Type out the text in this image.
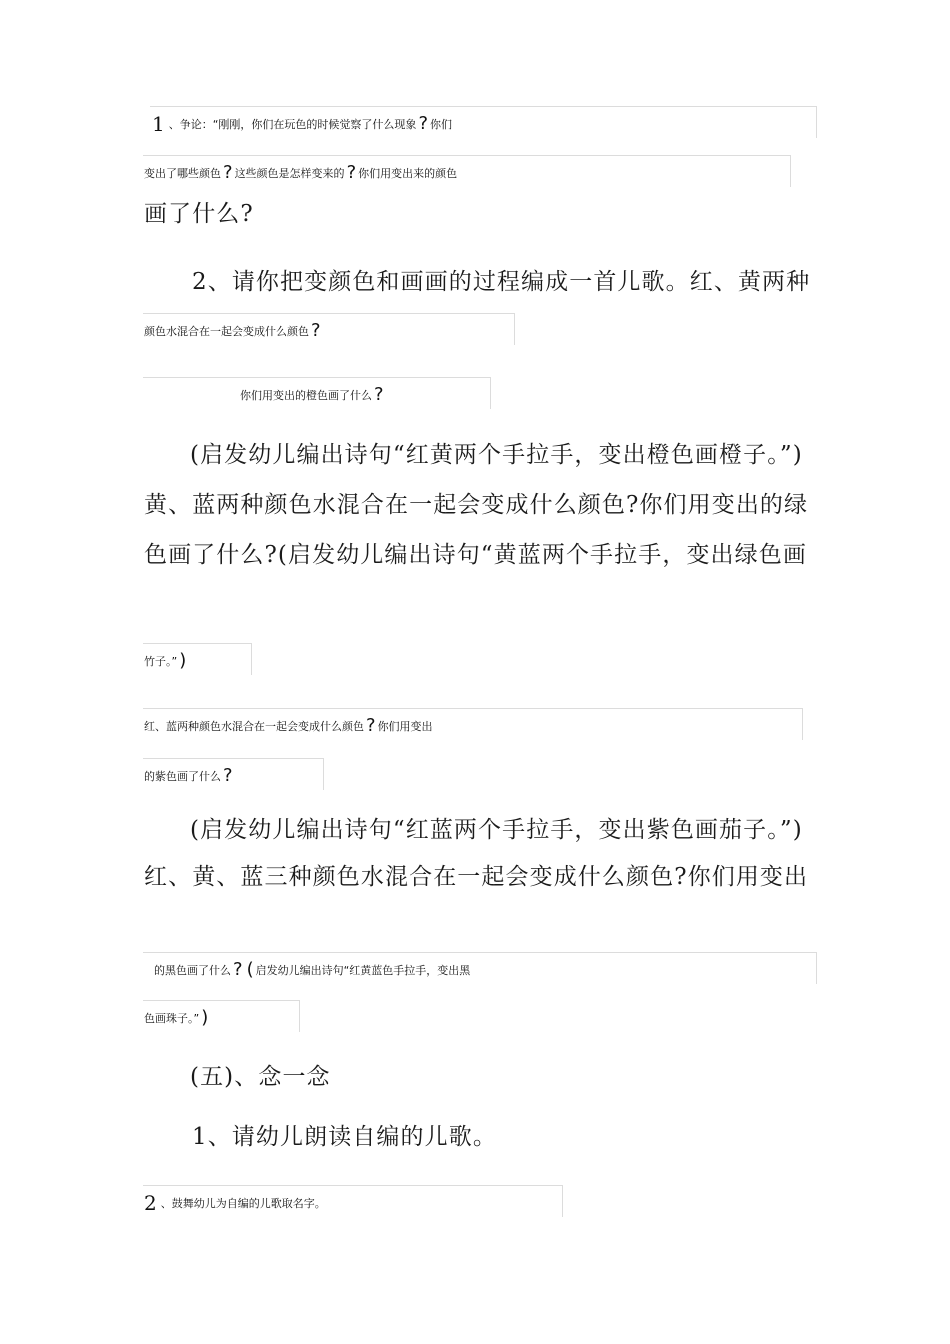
1 、争论：“刚刚，你们在玩色的时候觉察了什么现象 ? 你们
变出了哪些颜色 ? 这些颜色是怎样变来的 ? 你们用变出来的颜色
画了什么?
2、请你把变颜色和画画的过程编成一首儿歌。红、黄两种
颜色水混合在一起会变成什么颜色 ?
你们用变出的橙色画了什么 ?
(启发幼儿编出诗句“红黄两个手拉手，变出橙色画橙子。”)
黄、蓝两种颜色水混合在一起会变成什么颜色?你们用变出的绿
色画了什么?(启发幼儿编出诗句“黄蓝两个手拉手，变出绿色画
竹子。” )
红、蓝两种颜色水混合在一起会变成什么颜色 ? 你们用变出
的紫色画了什么 ?
(启发幼儿编出诗句“红蓝两个手拉手，变出紫色画茄子。”)
红、黄、蓝三种颜色水混合在一起会变成什么颜色?你们用变出
的黑色画了什么 ? ( 启发幼儿编出诗句“红黄蓝色手拉手，变出黑
色画珠子。” )
(五)、念一念
1、请幼儿朗读自编的儿歌。
2 、鼓舞幼儿为自编的儿歌取名字。
